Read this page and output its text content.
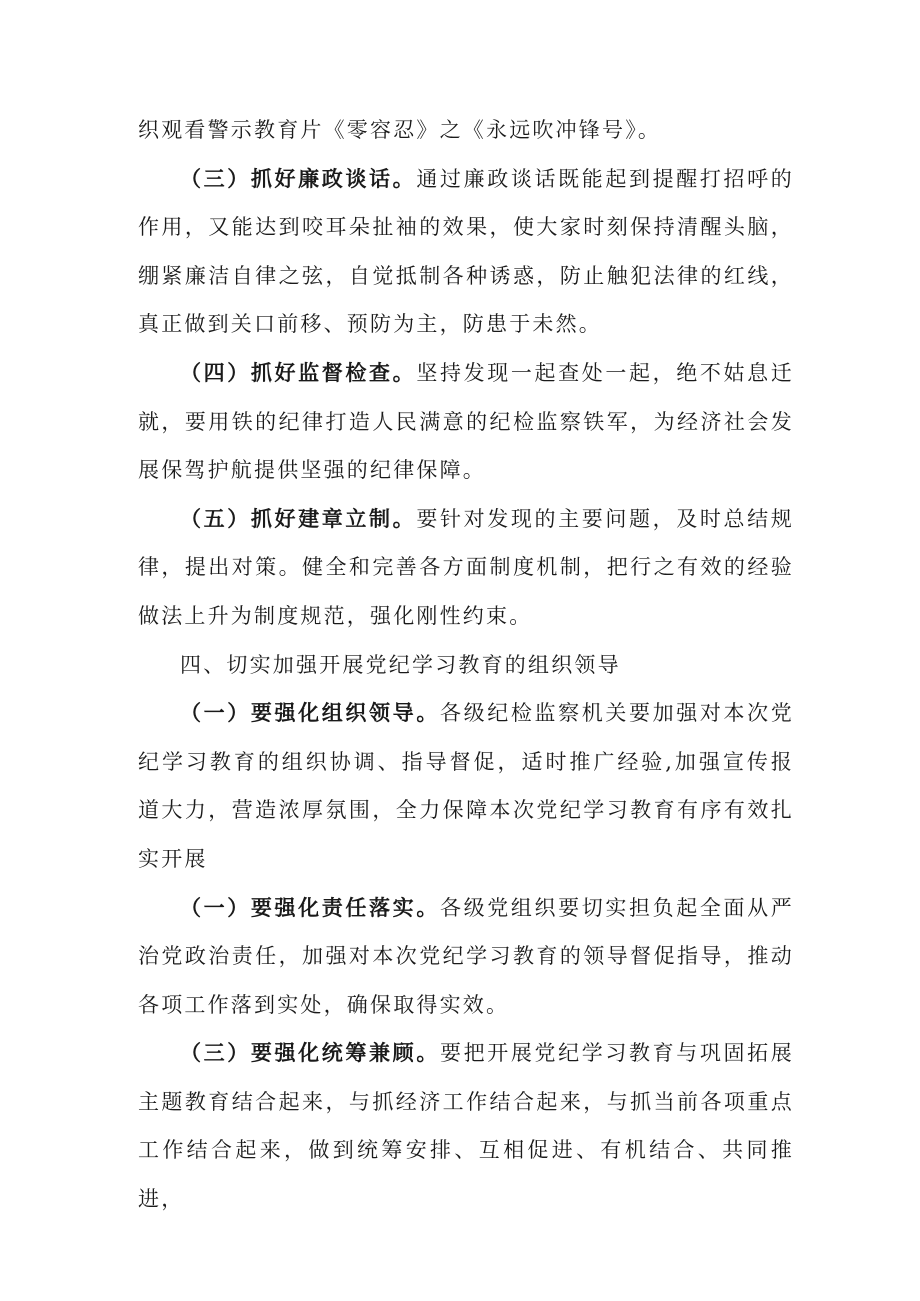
织观看警示教育片《零容忍》之《永远吹冲锋号》。

（三）抓好廉政谈话。通过廉政谈话既能起到提醒打招呼的作用，又能达到咬耳朵扯袖的效果，使大家时刻保持清醒头脑，绷紧廉洁自律之弦，自觉抵制各种诱惑，防止触犯法律的红线，真正做到关口前移、预防为主，防患于未然。

（四）抓好监督检查。坚持发现一起查处一起，绝不姑息迁就，要用铁的纪律打造人民满意的纪检监察铁军，为经济社会发展保驾护航提供坚强的纪律保障。

（五）抓好建章立制。要针对发现的主要问题，及时总结规律，提出对策。健全和完善各方面制度机制，把行之有效的经验做法上升为制度规范，强化刚性约束。

四、切实加强开展党纪学习教育的组织领导

（一）要强化组织领导。各级纪检监察机关要加强对本次党纪学习教育的组织协调、指导督促，适时推广经验,加强宣传报道大力，营造浓厚氛围，全力保障本次党纪学习教育有序有效扎实开展

（一）要强化责任落实。各级党组织要切实担负起全面从严治党政治责任，加强对本次党纪学习教育的领导督促指导，推动各项工作落到实处，确保取得实效。

（三）要强化统筹兼顾。要把开展党纪学习教育与巩固拓展主题教育结合起来，与抓经济工作结合起来，与抓当前各项重点工作结合起来，做到统筹安排、互相促进、有机结合、共同推进，
